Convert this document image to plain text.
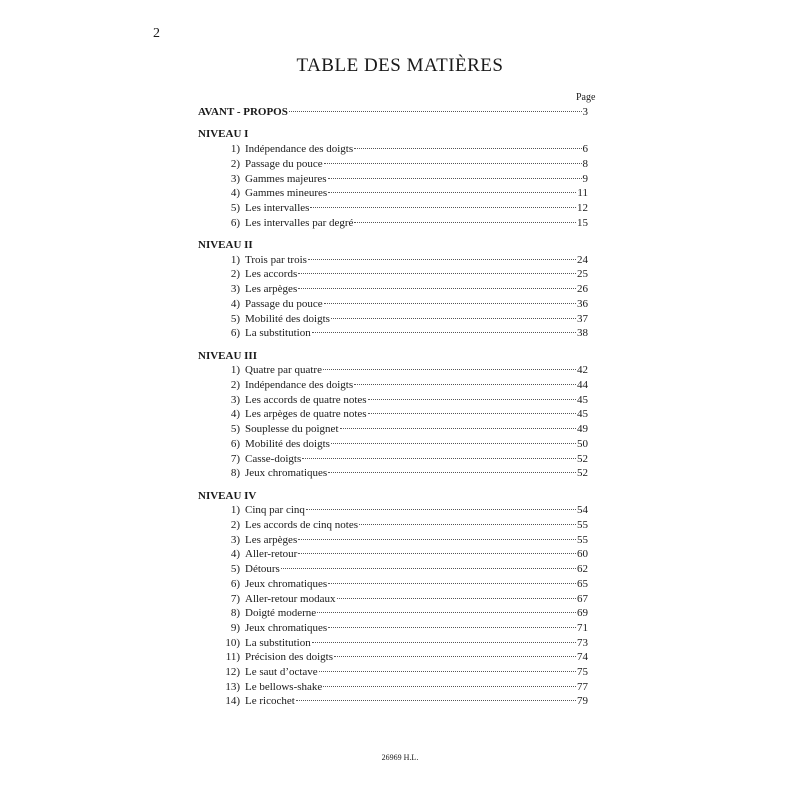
2
TABLE DES MATIÈRES
Page
AVANT - PROPOS	3
NIVEAU I
1) Indépendance des doigts	6
2) Passage du pouce	8
3) Gammes majeures	9
4) Gammes mineures	11
5) Les intervalles	12
6) Les intervalles par degré	15
NIVEAU II
1) Trois par trois	24
2) Les accords	25
3) Les arpèges	26
4) Passage du pouce	36
5) Mobilité des doigts	37
6) La substitution	38
NIVEAU III
1) Quatre par quatre	42
2) Indépendance des doigts	44
3) Les accords de quatre notes	45
4) Les arpèges de quatre notes	45
5) Souplesse du poignet	49
6) Mobilité des doigts	50
7) Casse-doigts	52
8) Jeux chromatiques	52
NIVEAU IV
1) Cinq par cinq	54
2) Les accords de cinq notes	55
3) Les arpèges	55
4) Aller-retour	60
5) Détours	62
6) Jeux chromatiques	65
7) Aller-retour modaux	67
8) Doigté moderne	69
9) Jeux chromatiques	71
10) La substitution	73
11) Précision des doigts	74
12) Le saut d’octave	75
13) Le bellows-shake	77
14) Le ricochet	79
26969 H.L.
